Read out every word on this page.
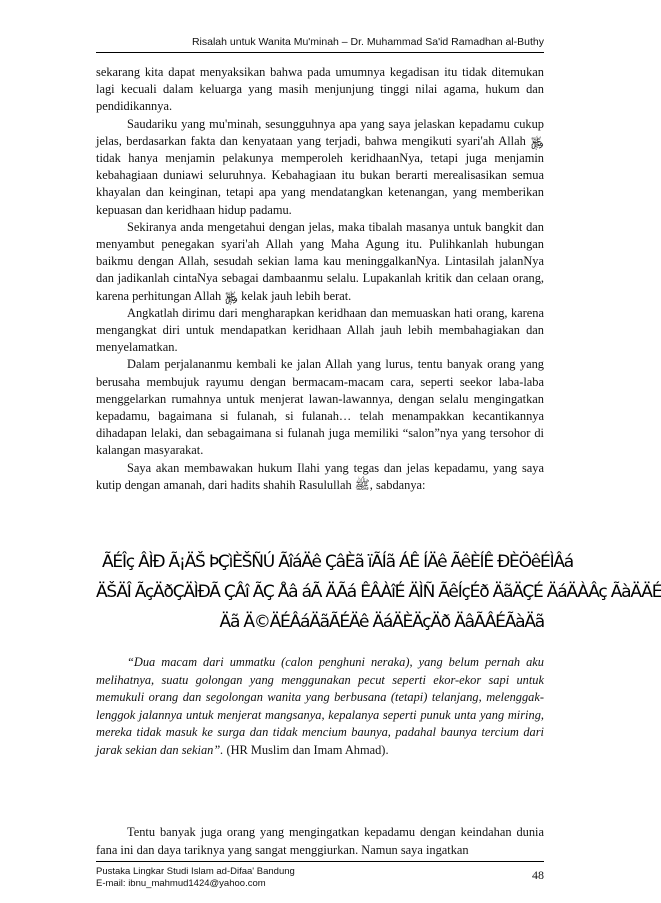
Risalah untuk Wanita Mu'minah – Dr. Muhammad Sa'id Ramadhan al-Buthy

sekarang kita dapat menyaksikan bahwa pada umumnya kegadisan itu tidak ditemukan lagi kecuali dalam keluarga yang masih menjunjung tinggi nilai agama, hukum dan pendidikannya.

Saudariku yang mu'minah, sesungguhnya apa yang saya jelaskan kepadamu cukup jelas, berdasarkan fakta dan kenyataan yang terjadi, bahwa mengikuti syari'ah Allah ﷿ tidak hanya menjamin pelakunya memperoleh keridhaanNya, tetapi juga menjamin kebahagiaan duniawi seluruhnya. Kebahagiaan itu bukan berarti merealisasikan semua khayalan dan keinginan, tetapi apa yang mendatangkan ketenangan, yang memberikan kepuasan dan keridhaan hidup padamu.

Sekiranya anda mengetahui dengan jelas, maka tibalah masanya untuk bangkit dan menyambut penegakan syari'ah Allah yang Maha Agung itu. Pulihkanlah hubungan baikmu dengan Allah, sesudah sekian lama kau meninggalkanNya. Lintasilah jalanNya dan jadikanlah cintaNya sebagai dambaanmu selalu. Lupakanlah kritik dan celaan orang, karena perhitungan Allah ﷿ kelak jauh lebih berat.

Angkatlah dirimu dari mengharapkan keridhaan dan memuaskan hati orang, karena mengangkat diri untuk mendapatkan keridhaan Allah jauh lebih membahagiakan dan menyelamatkan.

Dalam perjalananmu kembali ke jalan Allah yang lurus, tentu banyak orang yang berusaha membujuk rayumu dengan bermacam-macam cara, seperti seekor laba-laba menggelarkan rumahnya untuk menjerat lawan-lawannya, dengan selalu mengingatkan kepadamu, bagaimana si fulanah, si fulanah… telah menampakkan kecantikannya dihadapan lelaki, dan sebagaimana si fulanah juga memiliki “salon”nya yang tersohor di kalangan masyarakat.

Saya akan membawakan hukum Ilahi yang tegas dan jelas kepadamu, yang saya kutip dengan amanah, dari hadits shahih Rasulullah ﷺ, sabdanya:

ÃÉÎç ÂÌÐ Ã¡ÄŠ ÞÇìÈŠÑÚ ÃîáÄê ÇâÈã ïÃÍã ÁÊ ÍÄê ÃêÈÍÊ ÐÈÖêÉÌÂá
ÄŠÄÎ ÃçÄðÇÄÌÐÃ ÇÂî ÃÇ Åâ áÃ ÄÃá ÊÂÀîÉ ÄÌÑ ÃêÍçÉð ÄãÄÇÉ ÄáÄÀÂç ÃàÄÄÉ
Äã Ä©ÄÉÂáÄãÃÉÄê ÄáÄÈÄçÄð ÄâÃÂÉÃàÄã

“Dua macam dari ummatku (calon penghuni neraka), yang belum pernah aku melihatnya, suatu golongan yang menggunakan pecut seperti ekor-ekor sapi untuk memukuli orang dan segolongan wanita yang berbusana (tetapi) telanjang, melenggak-lenggok jalannya untuk menjerat mangsanya, kepalanya seperti punuk unta yang miring, mereka tidak masuk ke surga dan tidak mencium baunya, padahal baunya tercium dari jarak sekian dan sekian”. (HR Muslim dan Imam Ahmad).

Tentu banyak juga orang yang mengingatkan kepadamu dengan keindahan dunia fana ini dan daya tariknya yang sangat menggiurkan. Namun saya ingatkan

Pustaka Lingkar Studi Islam ad-Difaa' Bandung
E-mail: ibnu_mahmud1424@yahoo.com
48
